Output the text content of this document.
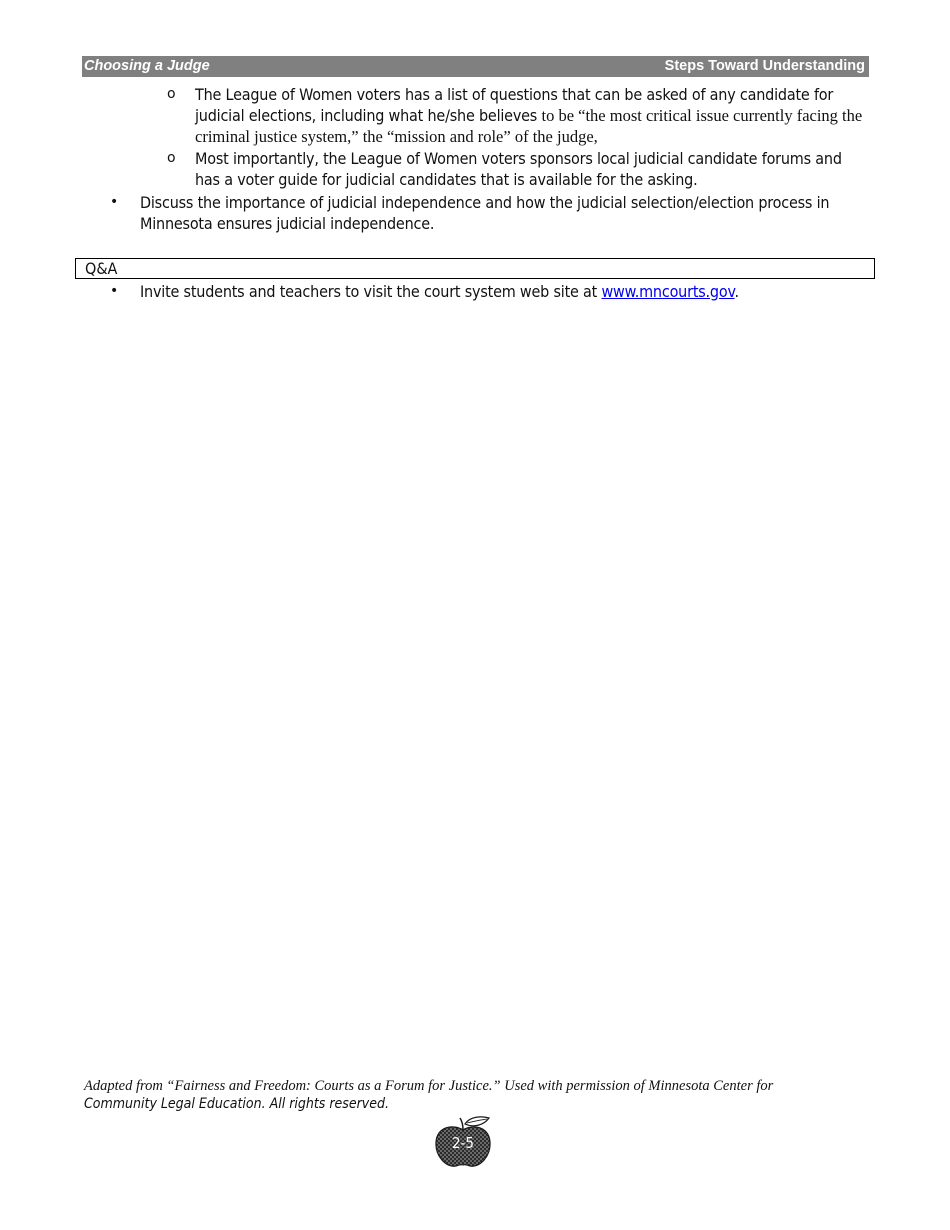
Choosing a Judge	Steps Toward Understanding
o The League of Women voters has a list of questions that can be asked of any candidate for judicial elections, including what he/she believes to be “the most critical issue currently facing the criminal justice system,” the “mission and role” of the judge,
o Most importantly, the League of Women voters sponsors local judicial candidate forums and has a voter guide for judicial candidates that is available for the asking.
• Discuss the importance of judicial independence and how the judicial selection/election process in Minnesota ensures judicial independence.
Q&A
• Invite students and teachers to visit the court system web site at www.mncourts.gov.
Adapted from “Fairness and Freedom: Courts as a Forum for Justice.” Used with permission of Minnesota Center for
Community Legal Education. All rights reserved.
2-5
